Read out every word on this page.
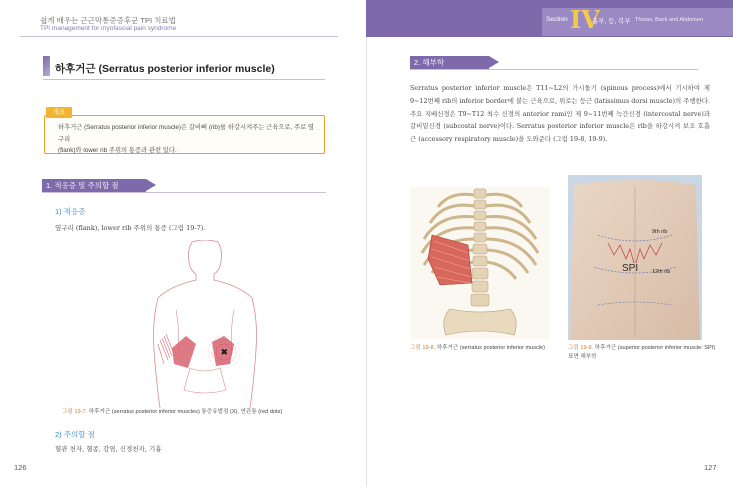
쉽게 배우는 근근막통증증후군 TPI 치료법
TPI management for myofascial pain syndrome
Section IV
흉부, 등, 복부 Thorax, Back and Abdomen
하후거근 (Serratus posterior inferior muscle)
개요
하후거근 (Serratus posterior inferior muscle)은 갈비뼈 (rib)를 하강시켜주는 근육으로, 주로 옆구리
(flank)와 lower rib 주위의 통증과 관련 있다.
1. 적응증 및 주의할 점
1) 적응증
옆구리 (flank), lower rib 주위의 통증 (그림 19-7).
✖
그림 19-7. 하후거근 (serratus posterior inferior muscles) 통증유발점 (X), 연관통 (red dots)
2) 주의할 점
혈관 천자, 혈종, 감염, 신경천자, 기흉
2. 해부학
Serratus posterior inferior muscle은 T11~L2의 가시돌기 (spinous process)에서 기시하여 제 9~12번째 rib의 inferior border에 붙는 근육으로, 위로는 등근 (latissimus dorsi muscle)의 주행한다. 주요 지배신경은 T9~T12 척수 신경의 anterior rami인 제 9~11번째 늑간신경 (intercostal nerve)과 갈비밑신경 (subcostal nerve)이다. Serratus posterior inferior muscle은 rib을 하강시켜 보조 호흡근 (accessory respiratory muscle)을 도와준다 (그림 19-8, 19-9).
그림 19-8. 하후거근 (serratus posterior inferior muscle)
SPI
9th rib
12th rib
그림 19-9. 하후거근 (superior posterior inferior muscle: SPI)
표면 해부학
126	127
